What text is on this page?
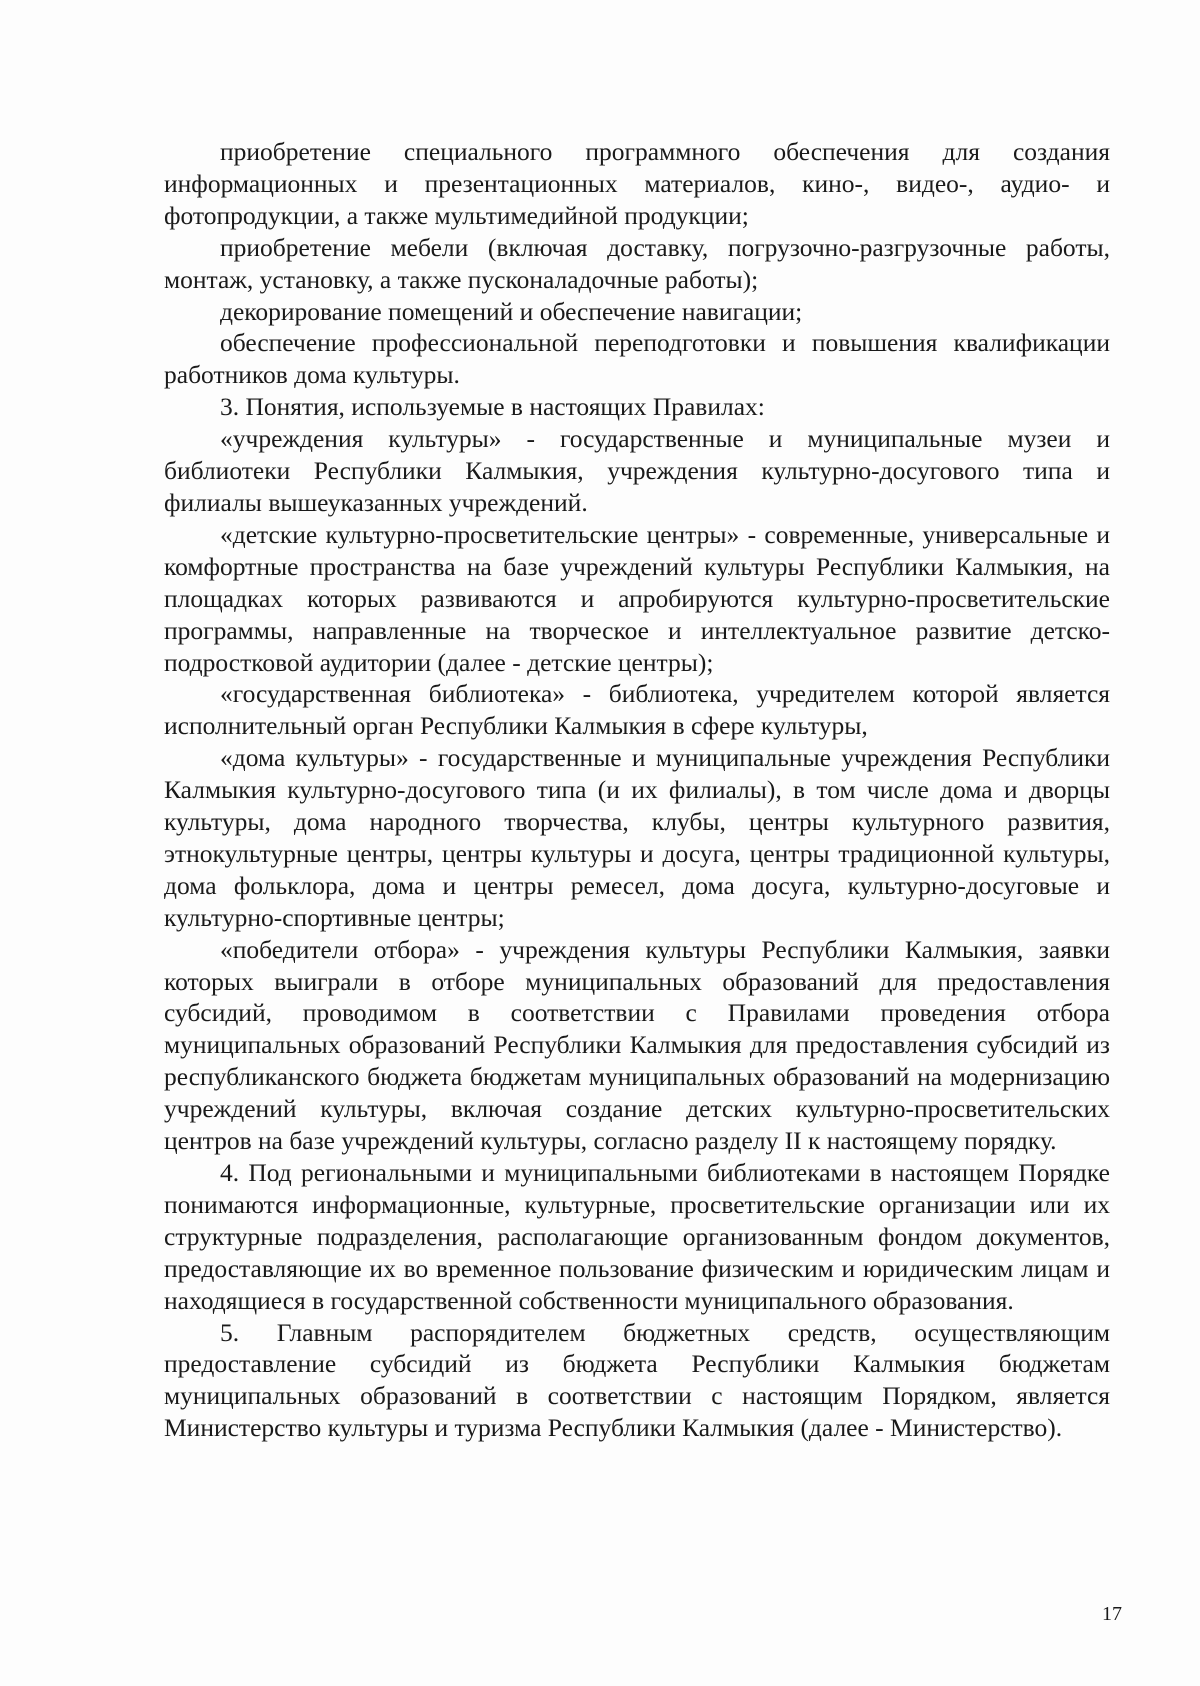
приобретение специального программного обеспечения для создания информационных и презентационных материалов, кино-, видео-, аудио- и фотопродукции, а также мультимедийной продукции;

приобретение мебели (включая доставку, погрузочно-разгрузочные работы, монтаж, установку, а также пусконаладочные работы);

декорирование помещений и обеспечение навигации;

обеспечение профессиональной переподготовки и повышения квалификации работников дома культуры.

3. Понятия, используемые в настоящих Правилах:

«учреждения культуры» - государственные и муниципальные музеи и библиотеки Республики Калмыкия, учреждения культурно-досугового типа и филиалы вышеуказанных учреждений.

«детские культурно-просветительские центры» - современные, универсальные и комфортные пространства на базе учреждений культуры Республики Калмыкия, на площадках которых развиваются и апробируются культурно-просветительские программы, направленные на творческое и интеллектуальное развитие детско-подростковой аудитории (далее - детские центры);

«государственная библиотека» - библиотека, учредителем которой является исполнительный орган Республики Калмыкия в сфере культуры,

«дома культуры» - государственные и муниципальные учреждения Республики Калмыкия культурно-досугового типа (и их филиалы), в том числе дома и дворцы культуры, дома народного творчества, клубы, центры культурного развития, этнокультурные центры, центры культуры и досуга, центры традиционной культуры, дома фольклора, дома и центры ремесел, дома досуга, культурно-досуговые и культурно-спортивные центры;

«победители отбора» - учреждения культуры Республики Калмыкия, заявки которых выиграли в отборе муниципальных образований для предоставления субсидий, проводимом в соответствии с Правилами проведения отбора муниципальных образований Республики Калмыкия для предоставления субсидий из республиканского бюджета бюджетам муниципальных образований на модернизацию учреждений культуры, включая создание детских культурно-просветительских центров на базе учреждений культуры, согласно разделу II к настоящему порядку.

4. Под региональными и муниципальными библиотеками в настоящем Порядке понимаются информационные, культурные, просветительские организации или их структурные подразделения, располагающие организованным фондом документов, предоставляющие их во временное пользование физическим и юридическим лицам и находящиеся в государственной собственности муниципального образования.

5. Главным распорядителем бюджетных средств, осуществляющим предоставление субсидий из бюджета Республики Калмыкия бюджетам муниципальных образований в соответствии с настоящим Порядком, является Министерство культуры и туризма Республики Калмыкия (далее - Министерство).

17
